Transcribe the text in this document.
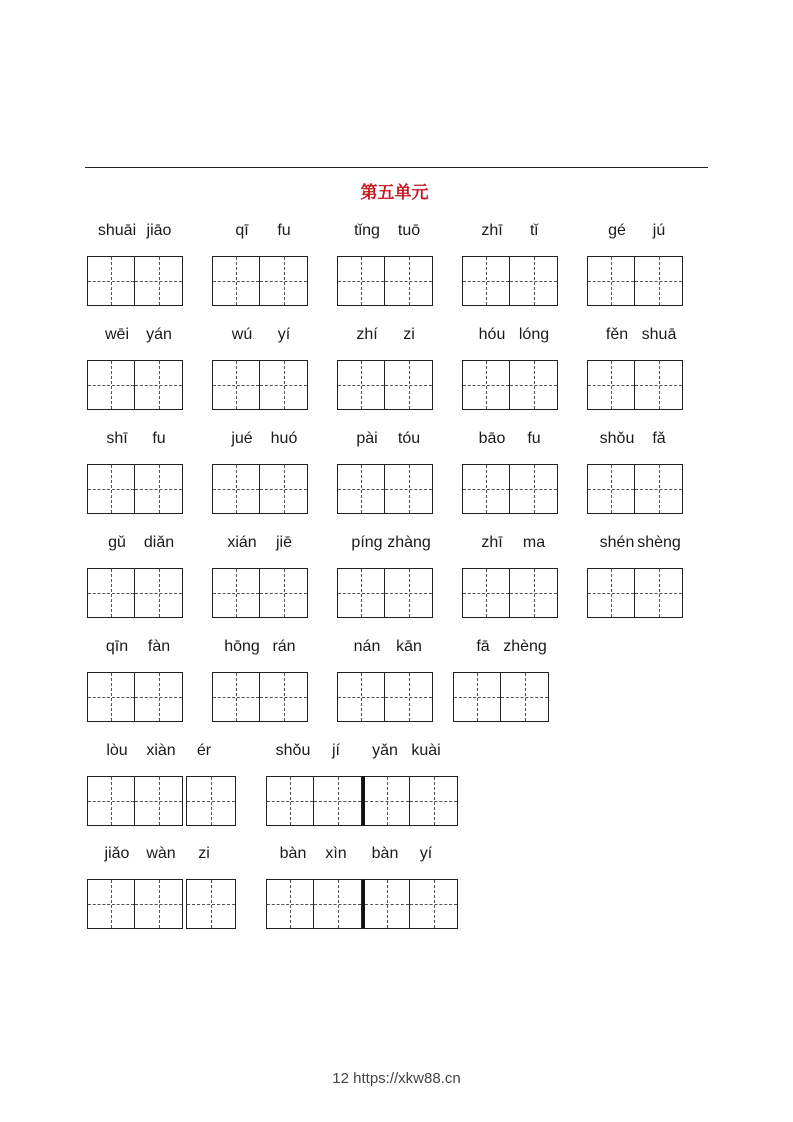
第五单元
shuāi jiāo	qī fu	tǐng tuō	zhī tǐ	gé jú
wēi yán	wú yí	zhí zi	hóu lóng	fěn shuā
shī fu	jué huó	pài tóu	bāo fu	shǒu fǎ
gǔ diǎn	xián jiē	píng zhàng	zhī ma	shén shèng
qīn fàn	hōng rán	nán kān	fā zhèng
lòu xiàn ér	shǒu jí yǎn kuài
jiǎo wàn zi	bàn xìn bàn yí
12 https://xkw88.cn
